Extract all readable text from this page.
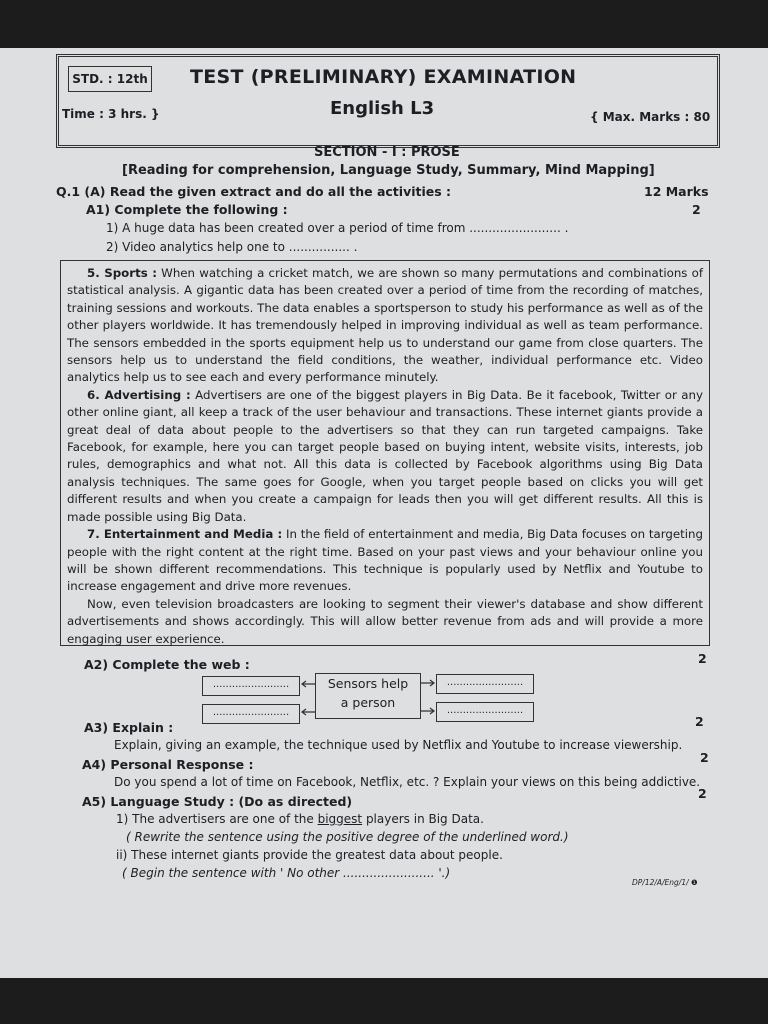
STD. : 12th TEST (PRELIMINARY) EXAMINATION
English L3
Time : 3 hrs. }	{ Max. Marks : 80
SECTION - I : PROSE
[Reading for comprehension, Language Study, Summary, Mind Mapping]
Q.1 (A) Read the given extract and do all the activities :	12 Marks
A1) Complete the following :	2
1) A huge data has been created over a period of time from ........................ .
2) Video analytics help one to ................ .

5. Sports : When watching a cricket match, we are shown so many permutations and combinations of statistical analysis. A gigantic data has been created over a period of time from the recording of matches, training sessions and workouts. The data enables a sportsperson to study his performance as well as of the other players worldwide. It has tremendously helped in improving individual as well as team performance. The sensors embedded in the sports equipment help us to understand our game from close quarters. The sensors help us to understand the field conditions, the weather, individual performance etc. Video analytics help us to see each and every performance minutely.

6. Advertising : Advertisers are one of the biggest players in Big Data. Be it facebook, Twitter or any other online giant, all keep a track of the user behaviour and transactions. These internet giants provide a great deal of data about people to the advertisers so that they can run targeted campaigns. Take Facebook, for example, here you can target people based on buying intent, website visits, interests, job rules, demographics and what not. All this data is collected by Facebook algorithms using Big Data analysis techniques. The same goes for Google, when you target people based on clicks you will get different results and when you create a campaign for leads then you will get different results. All this is made possible using Big Data.

7. Entertainment and Media : In the field of entertainment and media, Big Data focuses on targeting people with the right content at the right time. Based on your past views and your behaviour online you will be shown different recommendations. This technique is popularly used by Netflix and Youtube to increase engagement and drive more revenues.

Now, even television broadcasters are looking to segment their viewer's database and show different advertisements and shows accordingly. This will allow better revenue from ads and will provide a more engaging user experience.

A2) Complete the web :	2
Sensors help
a person
........................
........................
........................
........................
A3) Explain :	2
Explain, giving an example, the technique used by Netflix and Youtube to increase viewership.
A4) Personal Response :	2
Do you spend a lot of time on Facebook, Netflix, etc. ? Explain your views on this being addictive.
A5) Language Study : (Do as directed)
2
1) The advertisers are one of the biggest players in Big Data.
( Rewrite the sentence using the positive degree of the underlined word.)
ii) These internet giants provide the greatest data about people.
( Begin the sentence with ' No other ........................ '.)
DP/12/A/Eng/1/ ❶
